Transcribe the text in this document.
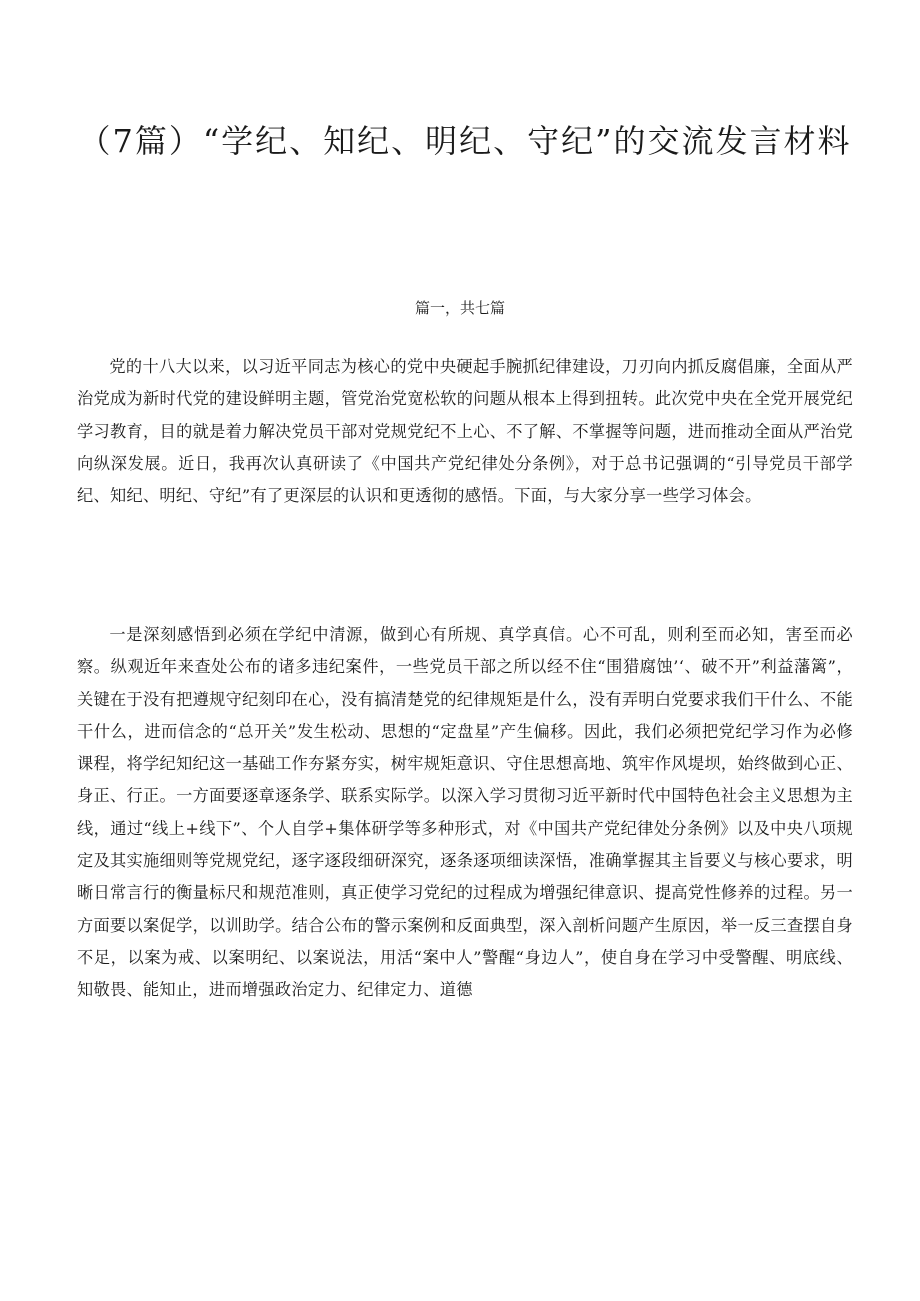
（7篇）“学纪、知纪、明纪、守纪”的交流发言材料

篇一，共七篇

党的十八大以来，以习近平同志为核心的党中央硬起手腕抓纪律建设，刀刃向内抓反腐倡廉，全面从严治党成为新时代党的建设鲜明主题，管党治党宽松软的问题从根本上得到扭转。此次党中央在全党开展党纪学习教育，目的就是着力解决党员干部对党规党纪不上心、不了解、不掌握等问题，进而推动全面从严治党向纵深发展。近日，我再次认真研读了《中国共产党纪律处分条例》，对于总书记强调的“引导党员干部学纪、知纪、明纪、守纪”有了更深层的认识和更透彻的感悟。下面，与大家分享一些学习体会。

一是深刻感悟到必须在学纪中清源，做到心有所规、真学真信。心不可乱，则利至而必知，害至而必察。纵观近年来查处公布的诸多违纪案件，一些党员干部之所以经不住“围猎腐蚀’‘、破不开”利益藩篱”，关键在于没有把遵规守纪刻印在心，没有搞清楚党的纪律规矩是什么，没有弄明白党要求我们干什么、不能干什么，进而信念的“总开关”发生松动、思想的“定盘星”产生偏移。因此，我们必须把党纪学习作为必修课程，将学纪知纪这一基础工作夯紧夯实，树牢规矩意识、守住思想高地、筑牢作风堤坝，始终做到心正、身正、行正。一方面要逐章逐条学、联系实际学。以深入学习贯彻习近平新时代中国特色社会主义思想为主线，通过“线上+线下”、个人自学+集体研学等多种形式，对《中国共产党纪律处分条例》以及中央八项规定及其实施细则等党规党纪，逐字逐段细研深究，逐条逐项细读深悟，准确掌握其主旨要义与核心要求，明晰日常言行的衡量标尺和规范准则，真正使学习党纪的过程成为增强纪律意识、提高党性修养的过程。另一方面要以案促学，以训助学。结合公布的警示案例和反面典型，深入剖析问题产生原因，举一反三查摆自身不足，以案为戒、以案明纪、以案说法，用活“案中人”警醒“身边人”，使自身在学习中受警醒、明底线、知敬畏、能知止，进而增强政治定力、纪律定力、道德
